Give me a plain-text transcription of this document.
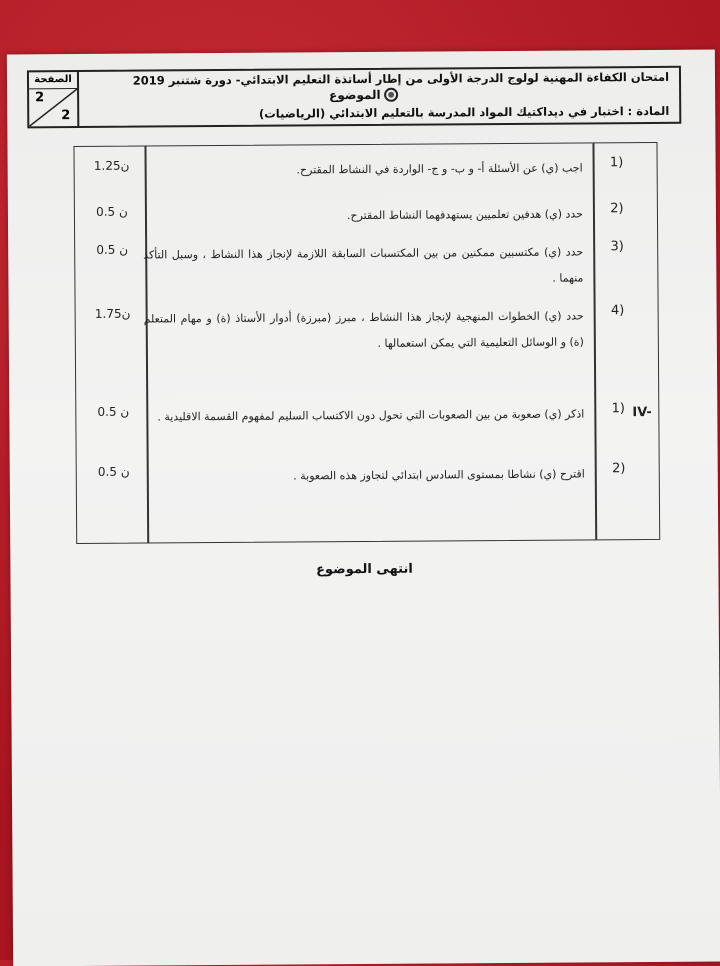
الصفحة
2
2
امتحان الكفاءة المهنية لولوج الدرجة الأولى من إطار أساتذة التعليم الابتدائي- دورة شتنبر 2019
الموضوع
المادة : اختبار في ديداكتيك المواد المدرسة بالتعليم الابتدائي (الرياضيات)
IV-
(1
اجب (ي) عن الأسئلة أ- و ب- و ج- الواردة في النشاط المقترح.
1.25ن
(2
حدد (ي) هدفين تعلميين يستهدفهما النشاط المقترح.
0.5 ن
(3
حدد (ي) مكتسبين ممكنين من بين المكتسبات السابقة اللازمة لإنجاز هذا النشاط ، وسبل التأكد منهما .
0.5 ن
(4
حدد (ي) الخطوات المنهجية لإنجاز هذا النشاط ، مبرز (مبرزة) أدوار الأستاذ (ة) و مهام المتعلم (ة) و الوسائل التعليمية التي يمكن استعمالها .
1.75ن
(1
اذكر (ي) صعوبة من بين الصعوبات التي تحول دون الاكتساب السليم لمفهوم القسمة الاقليدية .
0.5 ن
(2
اقترح (ي) نشاطا بمستوى السادس ابتدائي لتجاوز هذه الصعوبة .
0.5 ن
انتهى الموضوع
